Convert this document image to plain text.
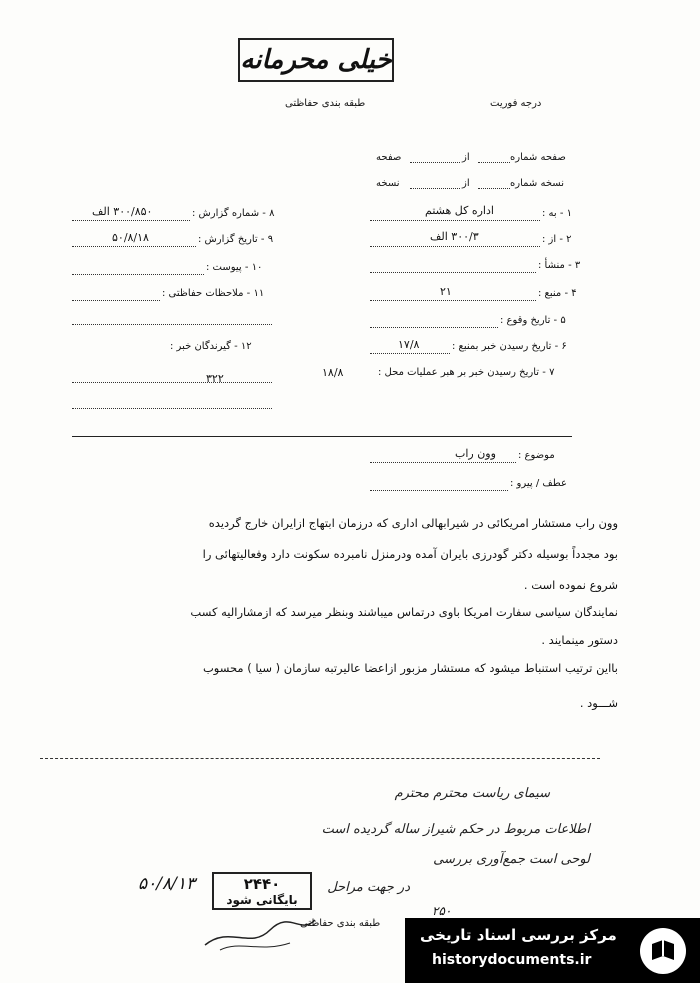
خیلی محرمانه
طبقه بندی حفاظتی	درجه فوریت
صفحه شماره
از
صفحه
نسخه شماره
از
نسخه
۱ - به :
اداره کل هشتم
۲ - از :
۳۰۰/۳ الف
۳ - منشأ :
۴ - منبع :
۲۱
۵ - تاریخ وقوع :
۶ - تاریخ رسیدن خبر بمنبع :
۱۷/۸
۷ - تاریخ رسیدن خبر بر هبر عملیات محل :
۱۸/۸
۸ - شماره گزارش :
۳۰۰/۸۵۰ الف
۹ - تاریخ گزارش :
۵۰/۸/۱۸
۱۰ - پیوست :
۱۱ - ملاحظات حفاظتی :
۱۲ - گیرندگان خبر :
۳۲۲
موضوع :
وون راب
عطف / پیرو :
وون راب مستشار امریکائی در شیرابهالی اداری که درزمان ابتهاج ازایران خارج گردیده
بود مجدداً بوسیله دکتر گودرزی بایران آمده ودرمنزل نامبرده سکونت دارد وفعالیتهائی را
شروع نموده است .
نمایندگان سیاسی سفارت امریکا باوی درتماس میباشند وبنظر میرسد که ازمشارالیه کسب
دستور مینمایند .
بااین ترتیب استنباط میشود که مستشار مزبور ازاعضا عالیرتبه سازمان ( سیا ) محسوب
شـــود .
سیمای ریاست محترم محترم
اطلاعات مربوط در حکم شیراز ساله گردیده است
لوحی است جمع‌آوری بررسی
در جهت مراحل
۵۰/۸/۱۳
۲۵۰
۲۴۴۰
بایگانی شود
طبقه بندی حفاظتی
مرکز بررسی اسناد تاریخی
historydocuments.ir
